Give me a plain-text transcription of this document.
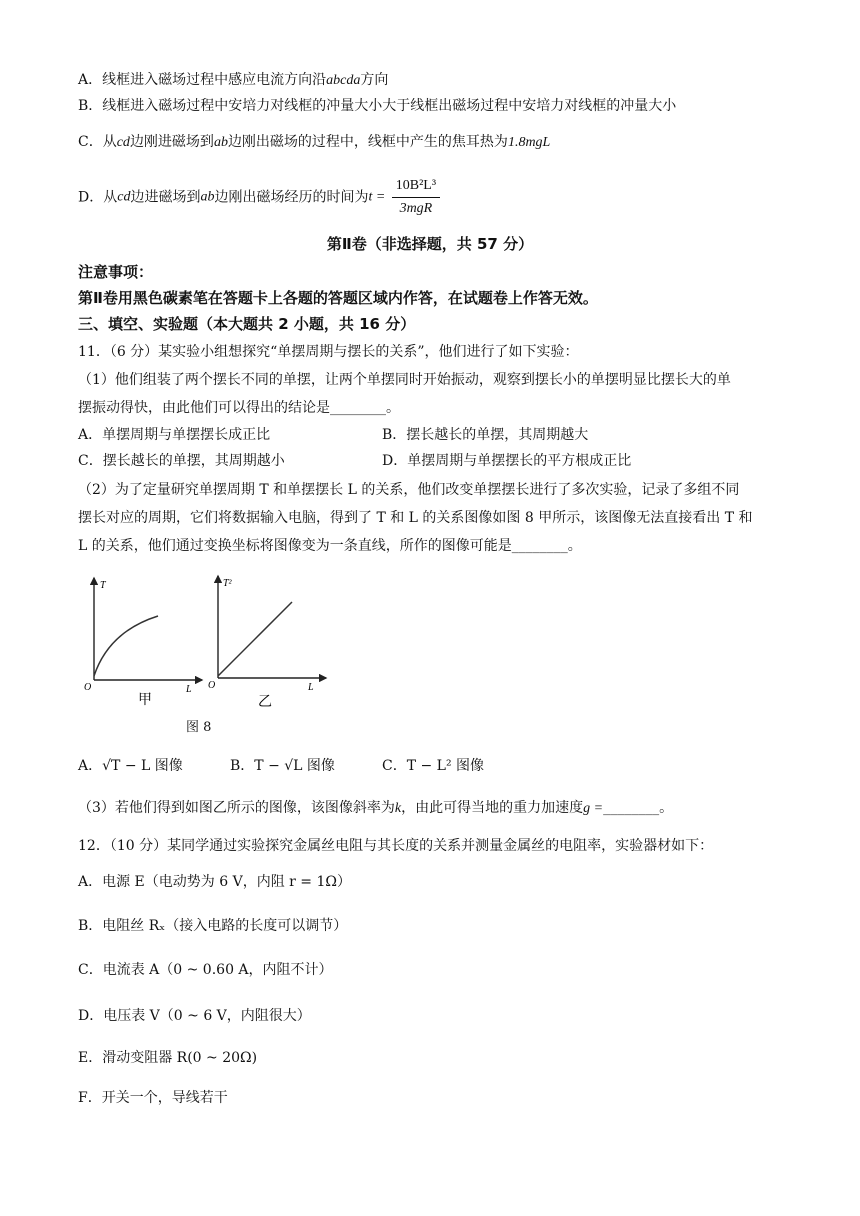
A．线框进入磁场过程中感应电流方向沿abcda方向
B．线框进入磁场过程中安培力对线框的冲量大小大于线框出磁场过程中安培力对线框的冲量大小
C．从cd边刚进磁场到ab边刚出磁场的过程中，线框中产生的焦耳热为1.8mgL
D．从cd边进磁场到ab边刚出磁场经历的时间为$t = \frac{\text{10B²L³}}{\text{3mgR}}$
第Ⅱ卷（非选择题，共 57 分）
注意事项：
第Ⅱ卷用黑色碳素笔在答题卡上各题的答题区域内作答，在试题卷上作答无效。
三、填空、实验题（本大题共 2 小题，共 16 分）
11．（6 分）某实验小组想探究“单摆周期与摆长的关系”，他们进行了如下实验：
（1）他们组装了两个摆长不同的单摆，让两个单摆同时开始振动，观察到摆长小的单摆明显比摆长大的单
摆振动得快，由此他们可以得出的结论是________。
A．单摆周期与单摆摆长成正比	B．摆长越长的单摆，其周期越大
C．摆长越长的单摆，其周期越小	D．单摆周期与单摆摆长的平方根成正比
（2）为了定量研究单摆周期 T 和单摆摆长 L 的关系，他们改变单摆摆长进行了多次实验，记录了多组不同
摆长对应的周期，它们将数据输入电脑，得到了 T 和 L 的关系图像如图 8 甲所示，该图像无法直接看出 T 和
L 的关系，他们通过变换坐标将图像变为一条直线，所作的图像可能是________。
T
L
O
甲
T²
L
O
乙
图 8
A．√T − L 图像	B．T − √L 图像	C．T − L² 图像
（3）若他们得到如图乙所示的图像，该图像斜率为k，由此可得当地的重力加速度g =________。
12．（10 分）某同学通过实验探究金属丝电阻与其长度的关系并测量金属丝的电阻率，实验器材如下：
A．电源 E（电动势为 6 V，内阻 r = 1Ω）
B．电阻丝 Rₓ（接入电路的长度可以调节）
C．电流表 A（0 ~ 0.60 A，内阻不计）
D．电压表 V（0 ~ 6 V，内阻很大）
E．滑动变阻器 R(0 ~ 20Ω)
F．开关一个，导线若干
